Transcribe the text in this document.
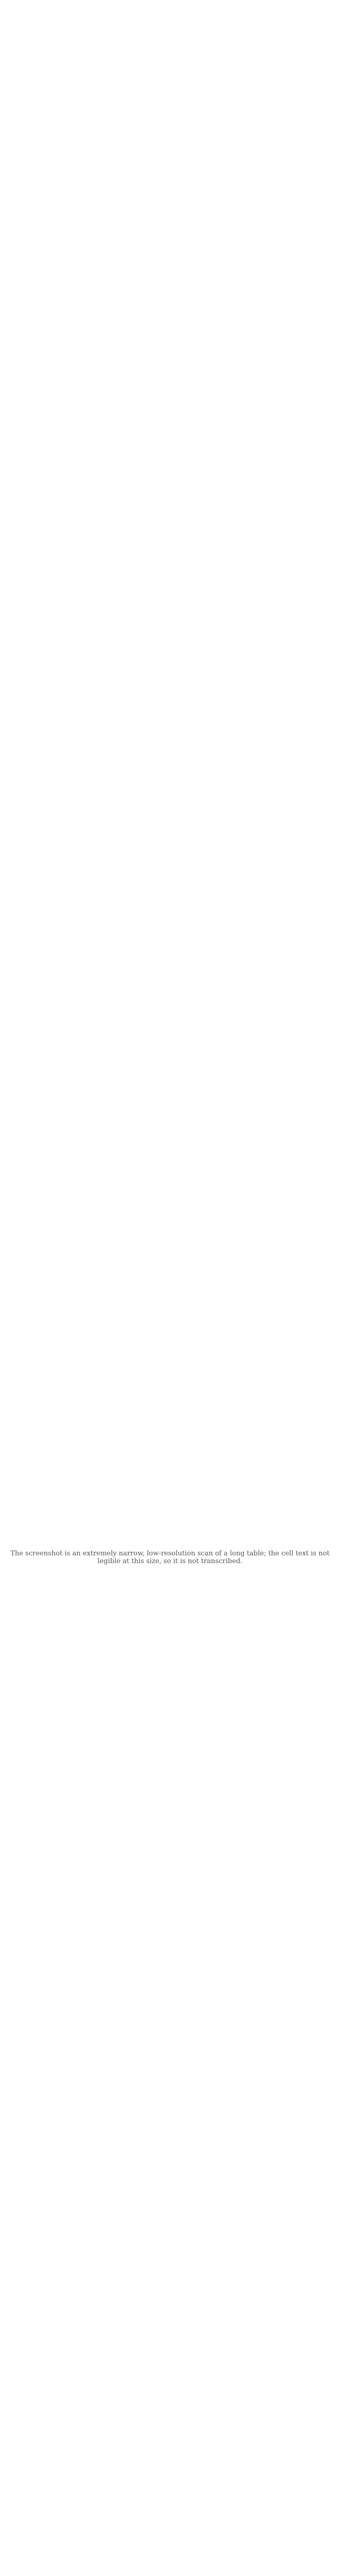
The screenshot is an extremely narrow, low-resolution scan of a long table; the cell text is not legible at this size, so it is not transcribed.
